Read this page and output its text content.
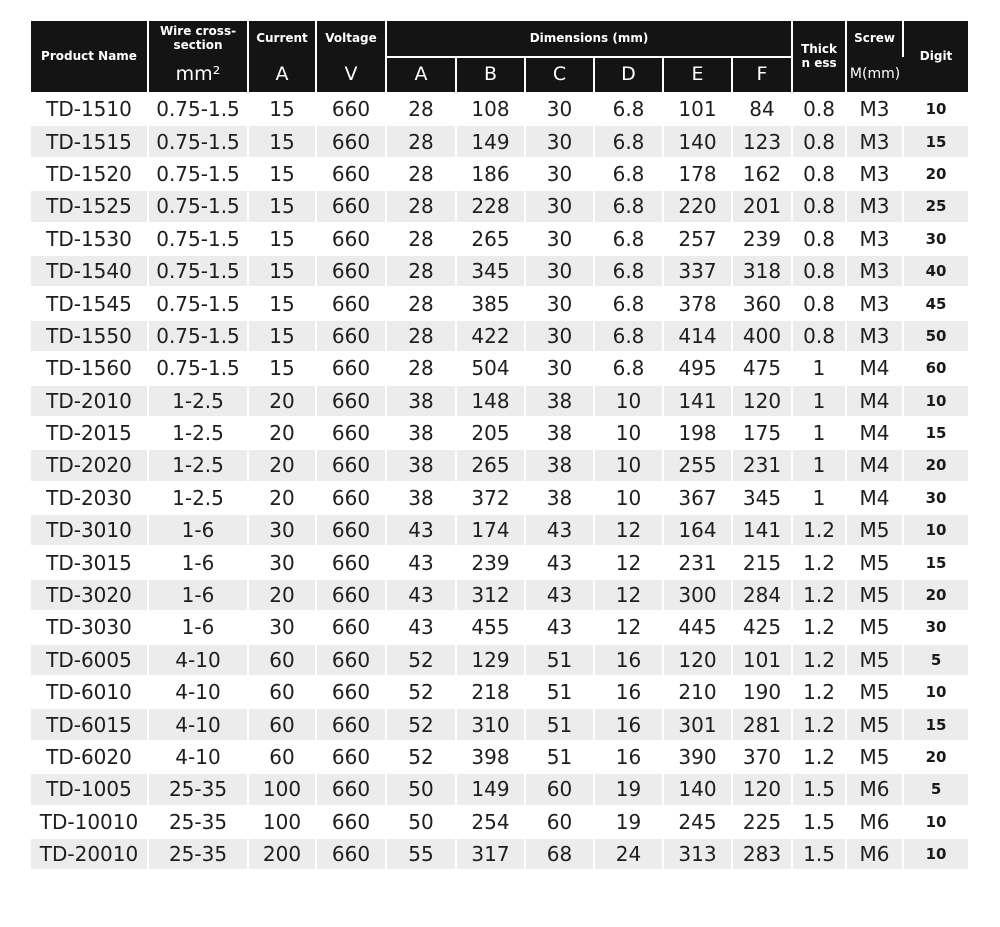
Product Name	Wire cross-section	Current	Voltage	Dimensions (mm)						Thickn ess	Screw	Digit
	mm²	A	V	A	B	C	D	E	F		M(mm)	
TD-1510	0.75-1.5	15	660	28	108	30	6.8	101	84	0.8	M3	10
TD-1515	0.75-1.5	15	660	28	149	30	6.8	140	123	0.8	M3	15
TD-1520	0.75-1.5	15	660	28	186	30	6.8	178	162	0.8	M3	20
TD-1525	0.75-1.5	15	660	28	228	30	6.8	220	201	0.8	M3	25
TD-1530	0.75-1.5	15	660	28	265	30	6.8	257	239	0.8	M3	30
TD-1540	0.75-1.5	15	660	28	345	30	6.8	337	318	0.8	M3	40
TD-1545	0.75-1.5	15	660	28	385	30	6.8	378	360	0.8	M3	45
TD-1550	0.75-1.5	15	660	28	422	30	6.8	414	400	0.8	M3	50
TD-1560	0.75-1.5	15	660	28	504	30	6.8	495	475	1	M4	60
TD-2010	1-2.5	20	660	38	148	38	10	141	120	1	M4	10
TD-2015	1-2.5	20	660	38	205	38	10	198	175	1	M4	15
TD-2020	1-2.5	20	660	38	265	38	10	255	231	1	M4	20
TD-2030	1-2.5	20	660	38	372	38	10	367	345	1	M4	30
TD-3010	1-6	30	660	43	174	43	12	164	141	1.2	M5	10
TD-3015	1-6	30	660	43	239	43	12	231	215	1.2	M5	15
TD-3020	1-6	20	660	43	312	43	12	300	284	1.2	M5	20
TD-3030	1-6	30	660	43	455	43	12	445	425	1.2	M5	30
TD-6005	4-10	60	660	52	129	51	16	120	101	1.2	M5	5
TD-6010	4-10	60	660	52	218	51	16	210	190	1.2	M5	10
TD-6015	4-10	60	660	52	310	51	16	301	281	1.2	M5	15
TD-6020	4-10	60	660	52	398	51	16	390	370	1.2	M5	20
TD-1005	25-35	100	660	50	149	60	19	140	120	1.5	M6	5
TD-10010	25-35	100	660	50	254	60	19	245	225	1.5	M6	10
TD-20010	25-35	200	660	55	317	68	24	313	283	1.5	M6	10
